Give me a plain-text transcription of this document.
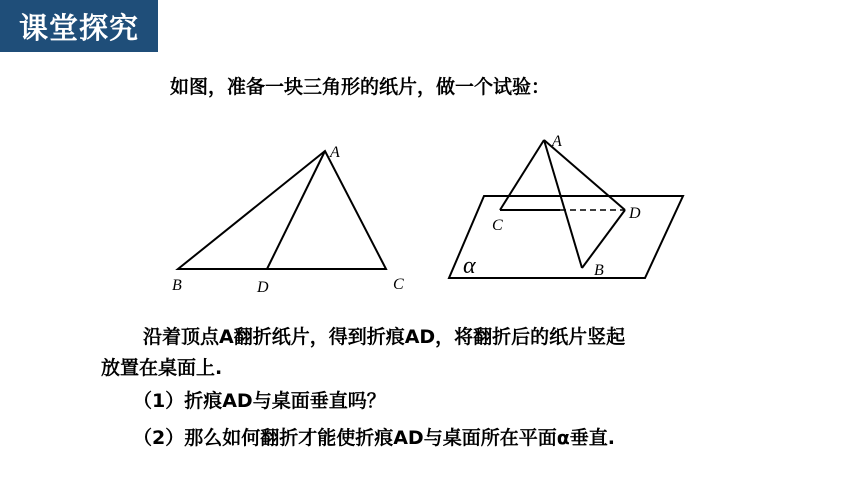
课堂探究
如图，准备一块三角形的纸片，做一个试验：
A
B	D	C
A
C
D
B
α
沿着顶点A翻折纸片，得到折痕AD，将翻折后的纸片竖起
放置在桌面上.
（1）折痕AD与桌面垂直吗？
（2）那么如何翻折才能使折痕AD与桌面所在平面α垂直.
